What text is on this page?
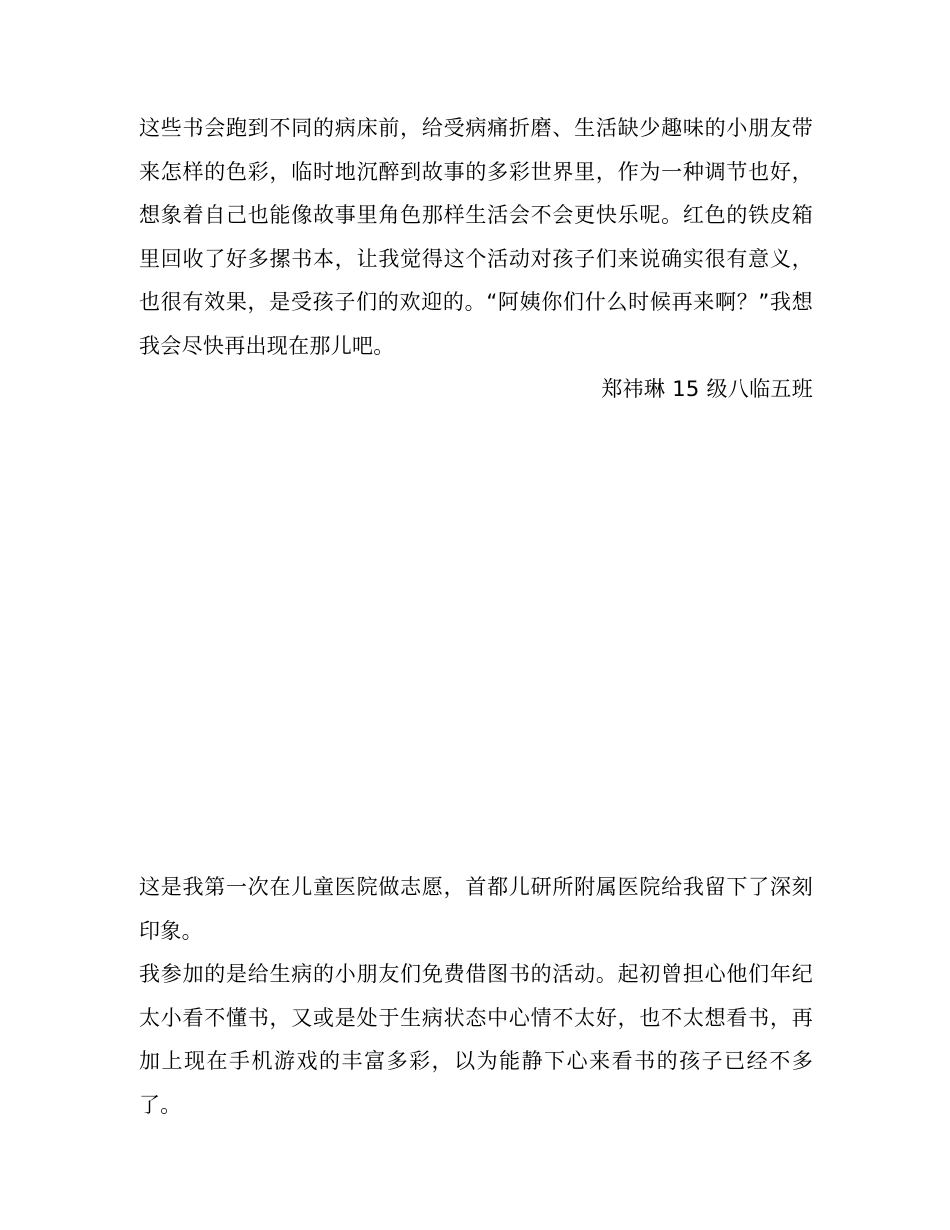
这些书会跑到不同的病床前，给受病痛折磨、生活缺少趣味的小朋友带来怎样的色彩，临时地沉醉到故事的多彩世界里，作为一种调节也好，想象着自己也能像故事里角色那样生活会不会更快乐呢。红色的铁皮箱里回收了好多摞书本，让我觉得这个活动对孩子们来说确实很有意义，也很有效果，是受孩子们的欢迎的。“阿姨你们什么时候再来啊？”我想我会尽快再出现在那儿吧。

郑祎琳 15 级八临五班

这是我第一次在儿童医院做志愿，首都儿研所附属医院给我留下了深刻印象。

我参加的是给生病的小朋友们免费借图书的活动。起初曾担心他们年纪太小看不懂书，又或是处于生病状态中心情不太好，也不太想看书，再加上现在手机游戏的丰富多彩，以为能静下心来看书的孩子已经不多了。
